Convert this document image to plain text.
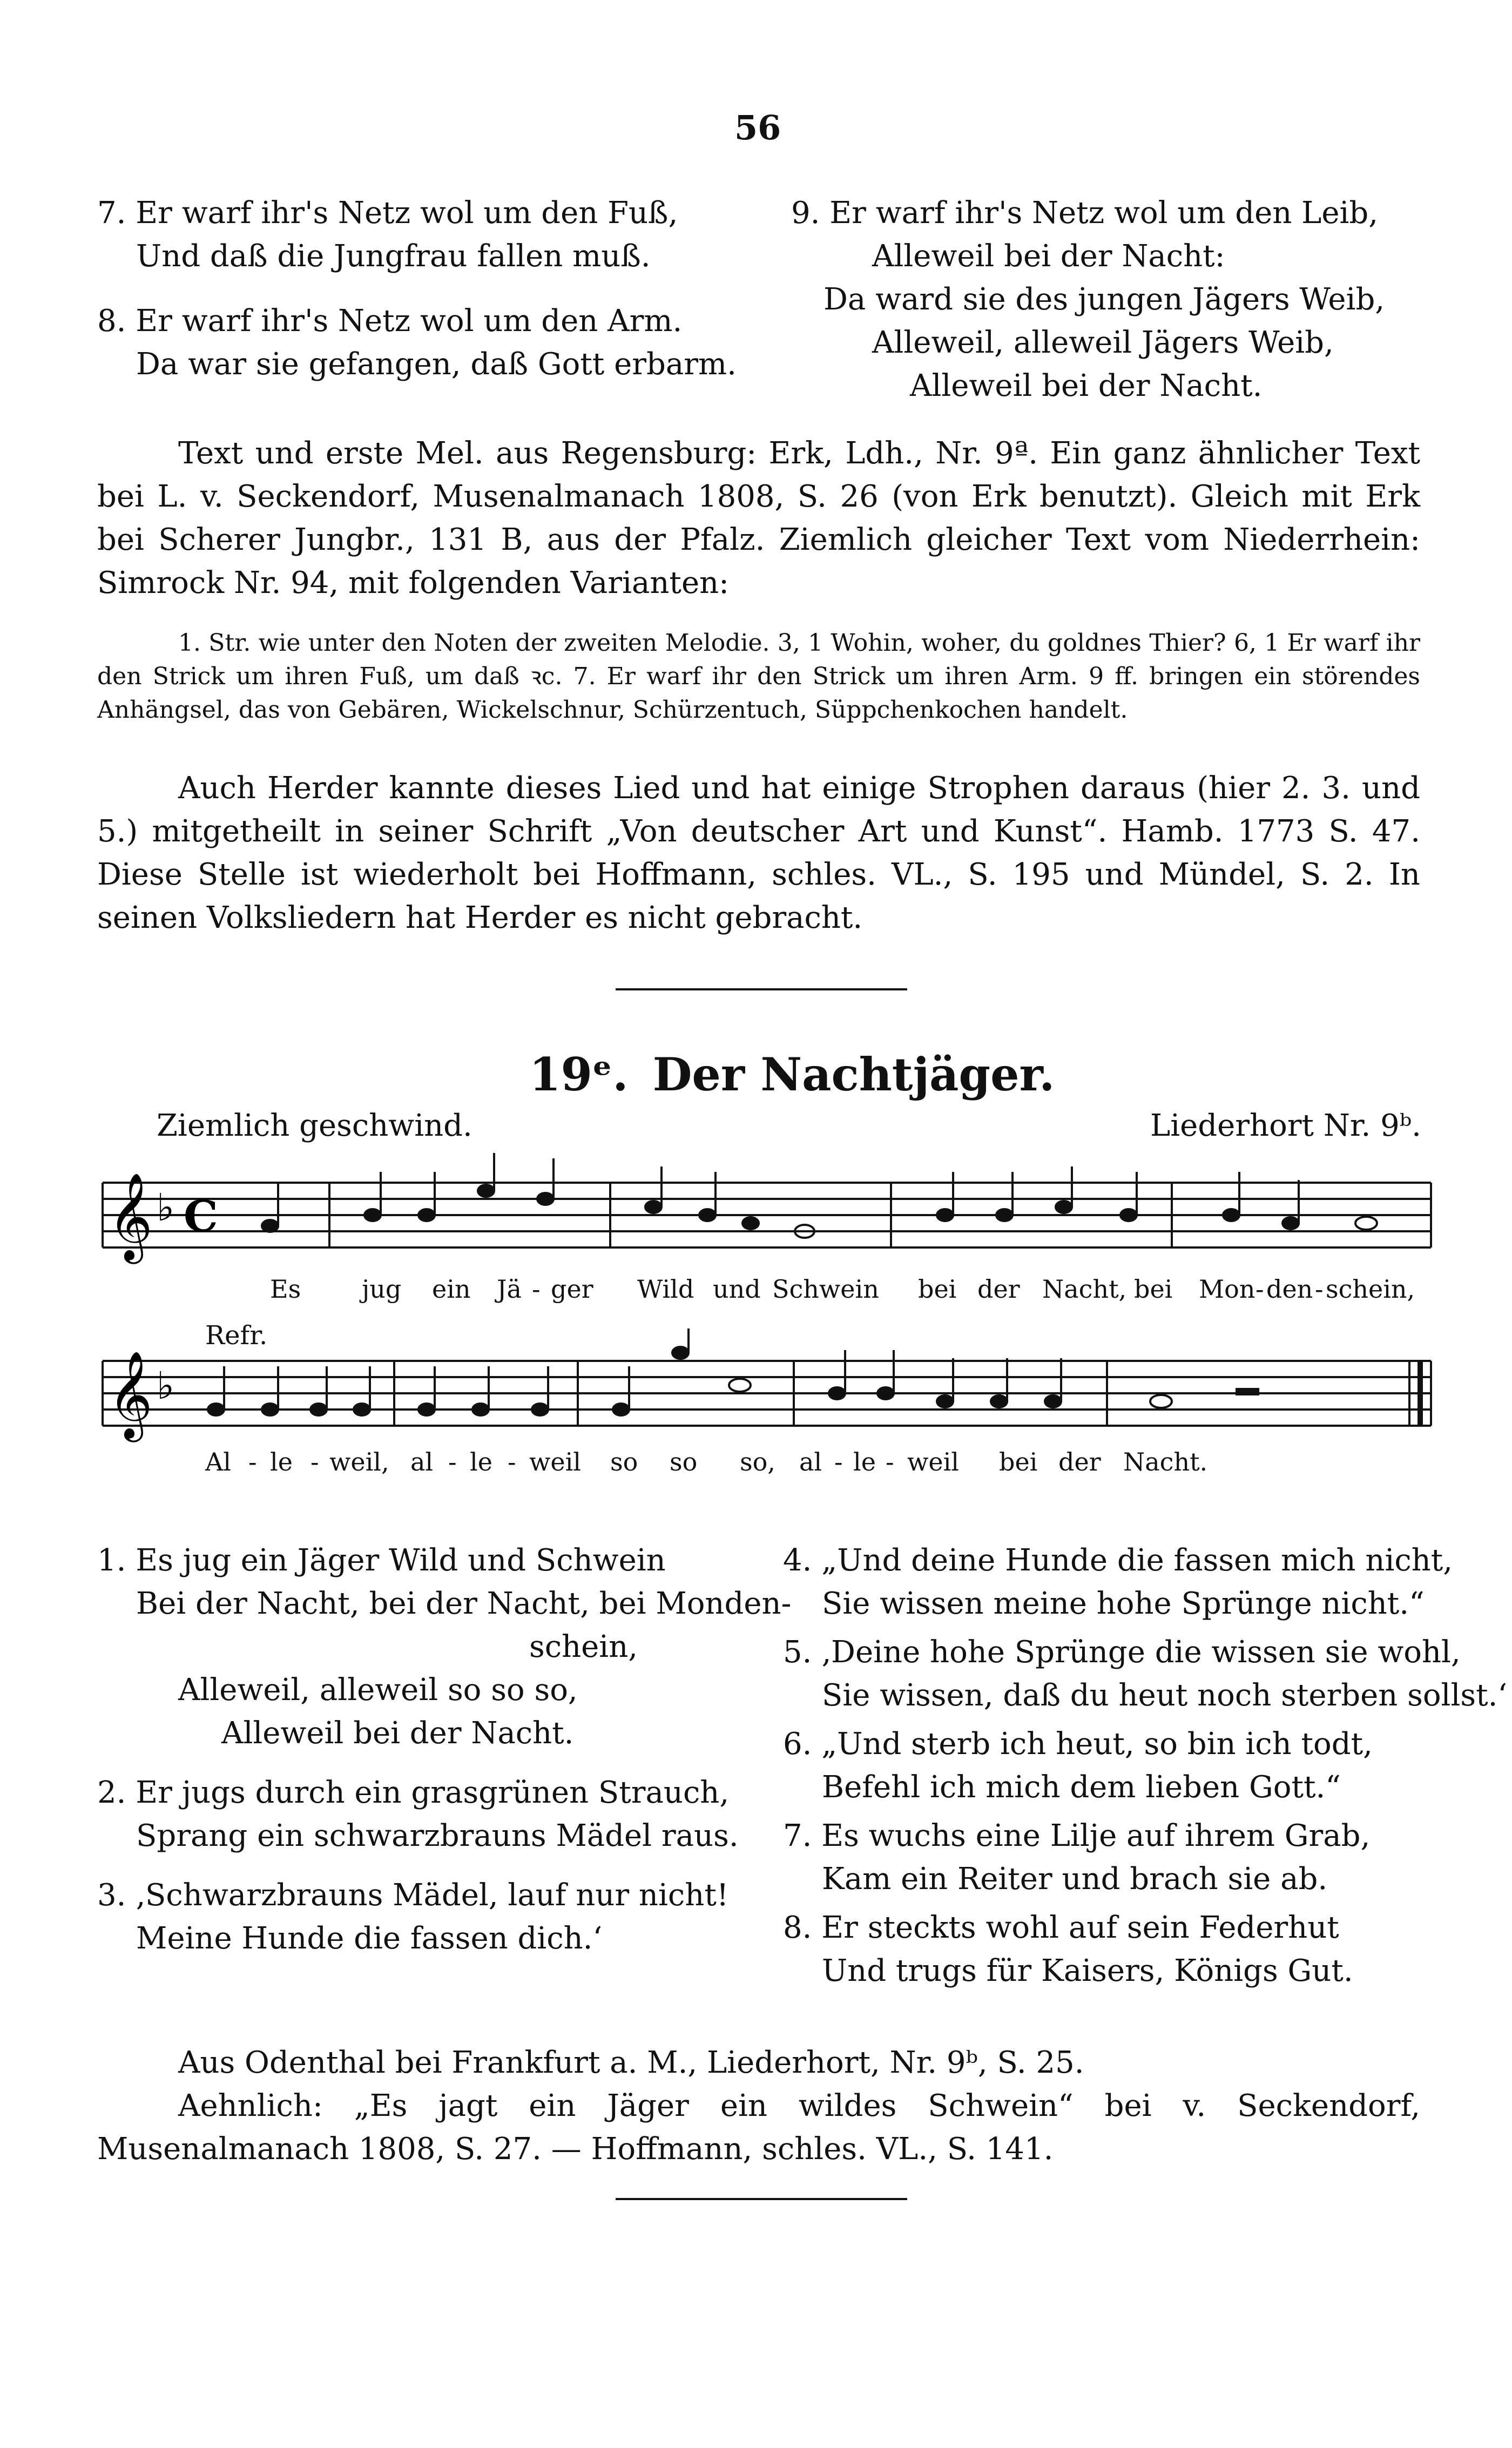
56
7. Er warf ihr's Netz wol um den Fuß,
Und daß die Jungfrau fallen muß.
8. Er warf ihr's Netz wol um den Arm.
Da war sie gefangen, daß Gott erbarm.
9. Er warf ihr's Netz wol um den Leib,
Alleweil bei der Nacht:
Da ward sie des jungen Jägers Weib,
Alleweil, alleweil Jägers Weib,
Alleweil bei der Nacht.
Text und erste Mel. aus Regensburg: Erk, Ldh., Nr. 9ª. Ein ganz ähnlicher Text bei L. v. Seckendorf, Musenalmanach 1808, S. 26 (von Erk benutzt). Gleich mit Erk bei Scherer Jungbr., 131 B, aus der Pfalz. Ziemlich gleicher Text vom Niederrhein: Simrock Nr. 94, mit folgenden Varianten:
1. Str. wie unter den Noten der zweiten Melodie. 3, 1 Wohin, woher, du goldnes Thier? 6, 1 Er warf ihr den Strick um ihren Fuß, um daß ꝛc. 7. Er warf ihr den Strick um ihren Arm. 9 ff. bringen ein störendes Anhängsel, das von Gebären, Wickelschnur, Schürzentuch, Süppchenkochen handelt.
Auch Herder kannte dieses Lied und hat einige Strophen daraus (hier 2. 3. und 5.) mitgetheilt in seiner Schrift „Von deutscher Art und Kunst“. Hamb. 1773 S. 47. Diese Stelle ist wiederholt bei Hoffmann, schles. VL., S. 195 und Mündel, S. 2. In seinen Volksliedern hat Herder es nicht gebracht.
19ᵉ. Der Nachtjäger.
Ziemlich geschwind.	Liederhort Nr. 9ᵇ.
𝄞 ♭ C
Es jug ein Jä - ger Wild und Schwein bei der Nacht, bei Mon - den - schein,
Refr.
𝄞 ♭
Al - le - weil, al - le - weil so so so, al - le - weil bei der Nacht.
1. Es jug ein Jäger Wild und Schwein
Bei der Nacht, bei der Nacht, bei Monden-
schein,
Alleweil, alleweil so so so,
Alleweil bei der Nacht.
2. Er jugs durch ein grasgrünen Strauch,
Sprang ein schwarzbrauns Mädel raus.
3. ‚Schwarzbrauns Mädel, lauf nur nicht!
Meine Hunde die fassen dich.‘
4. „Und deine Hunde die fassen mich nicht,
Sie wissen meine hohe Sprünge nicht.“
5. ‚Deine hohe Sprünge die wissen sie wohl,
Sie wissen, daß du heut noch sterben sollst.‘
6. „Und sterb ich heut, so bin ich todt,
Befehl ich mich dem lieben Gott.“
7. Es wuchs eine Lilje auf ihrem Grab,
Kam ein Reiter und brach sie ab.
8. Er steckts wohl auf sein Federhut
Und trugs für Kaisers, Königs Gut.
Aus Odenthal bei Frankfurt a. M., Liederhort, Nr. 9ᵇ, S. 25.
Aehnlich: „Es jagt ein Jäger ein wildes Schwein“ bei v. Seckendorf, Musenalmanach 1808, S. 27. — Hoffmann, schles. VL., S. 141.
